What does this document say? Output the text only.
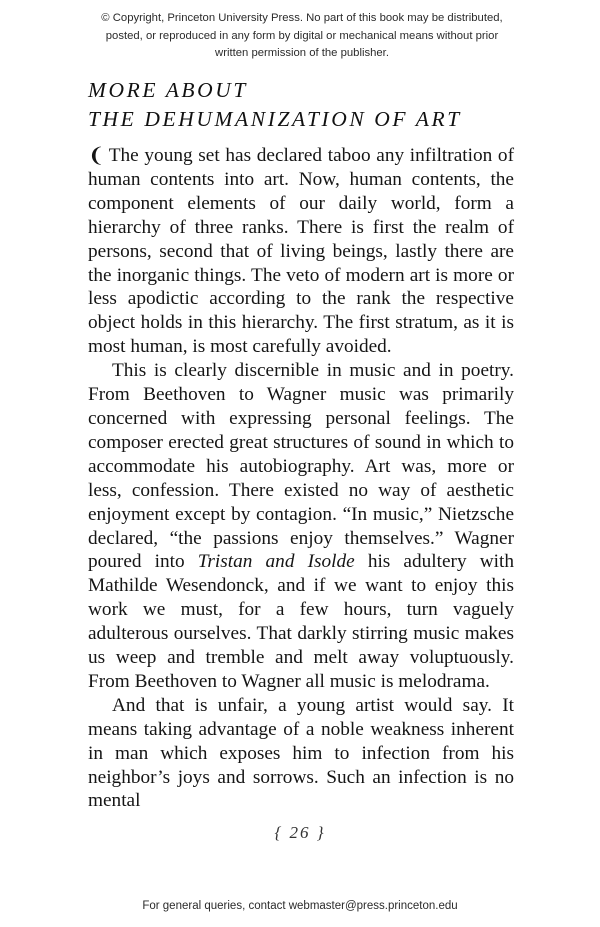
© Copyright, Princeton University Press. No part of this book may be distributed, posted, or reproduced in any form by digital or mechanical means without prior written permission of the publisher.
MORE ABOUT
THE DEHUMANIZATION OF ART

❨ The young set has declared taboo any infiltration of human contents into art. Now, human contents, the component elements of our daily world, form a hierarchy of three ranks. There is first the realm of persons, second that of living beings, lastly there are the inorganic things. The veto of modern art is more or less apodictic according to the rank the respective object holds in this hierarchy. The first stratum, as it is most human, is most carefully avoided.

This is clearly discernible in music and in poetry. From Beethoven to Wagner music was primarily concerned with expressing personal feelings. The composer erected great structures of sound in which to accommodate his autobiography. Art was, more or less, confession. There existed no way of aesthetic enjoyment except by contagion. “In music,” Nietzsche declared, “the passions enjoy themselves.” Wagner poured into Tristan and Isolde his adultery with Mathilde Wesendonck, and if we want to enjoy this work we must, for a few hours, turn vaguely adulterous ourselves. That darkly stirring music makes us weep and tremble and melt away voluptuously. From Beethoven to Wagner all music is melodrama.

And that is unfair, a young artist would say. It means taking advantage of a noble weakness inherent in man which exposes him to infection from his neighbor’s joys and sorrows. Such an infection is no mental

{ 26 }
For general queries, contact webmaster@press.princeton.edu
